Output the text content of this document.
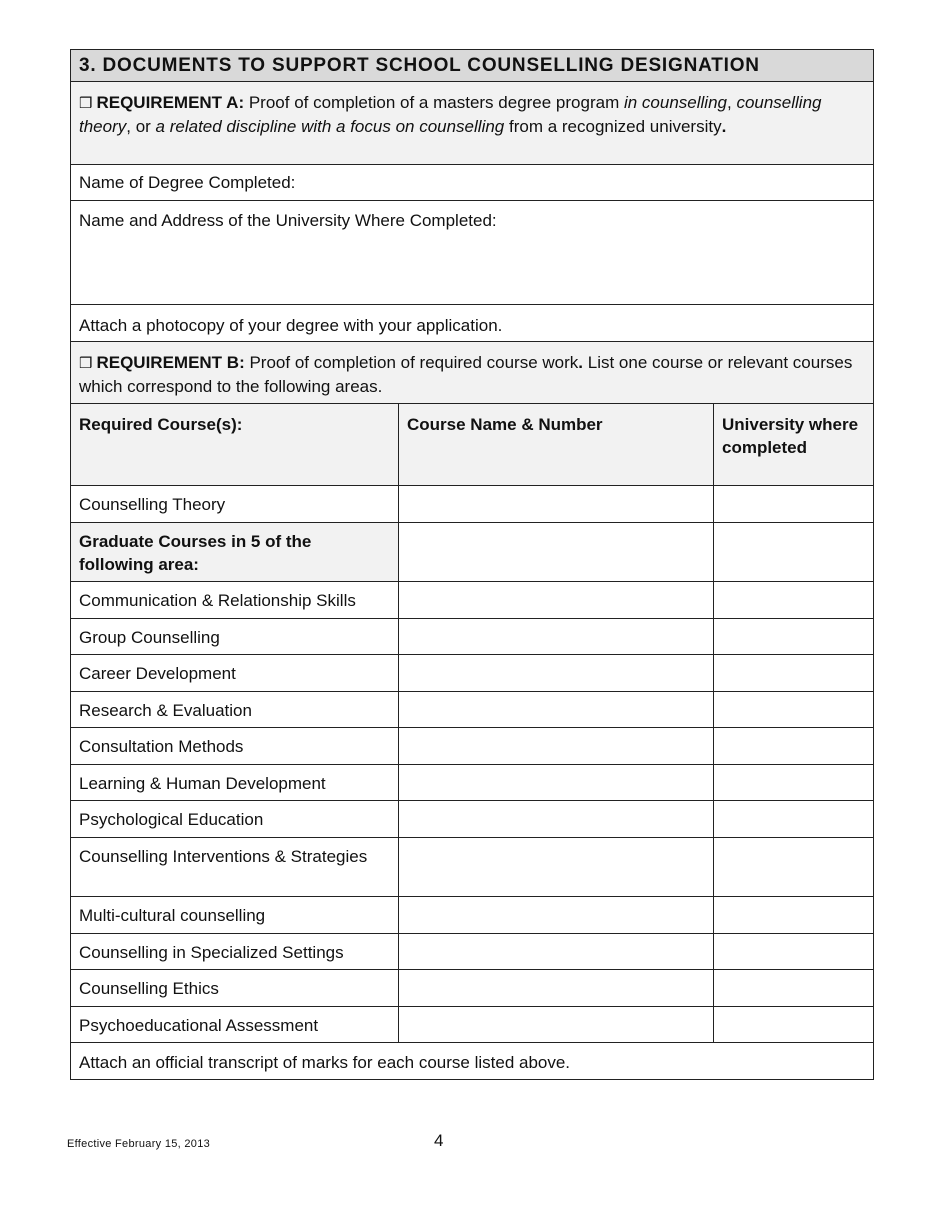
3. DOCUMENTS TO SUPPORT SCHOOL COUNSELLING DESIGNATION		
❒ REQUIREMENT A: Proof of completion of a masters degree program in counselling, counselling theory, or a related discipline with a focus on counselling from a recognized university.		
Name of Degree Completed:		
Name and Address of the University Where Completed:		
Attach a photocopy of your degree with your application.		
❒ REQUIREMENT B: Proof of completion of required course work. List one course or relevant courses which correspond to the following areas.		
Required Course(s):	Course Name & Number	University where completed
Counselling Theory		
Graduate Courses in 5 of the following area:		
Communication & Relationship Skills		
Group Counselling		
Career Development		
Research & Evaluation		
Consultation Methods		
Learning & Human Development		
Psychological Education		
Counselling Interventions & Strategies		
Multi-cultural counselling		
Counselling in Specialized Settings		
Counselling Ethics		
Psychoeducational Assessment		
Attach an official transcript of marks for each course listed above.		
Effective February 15, 2013	4
